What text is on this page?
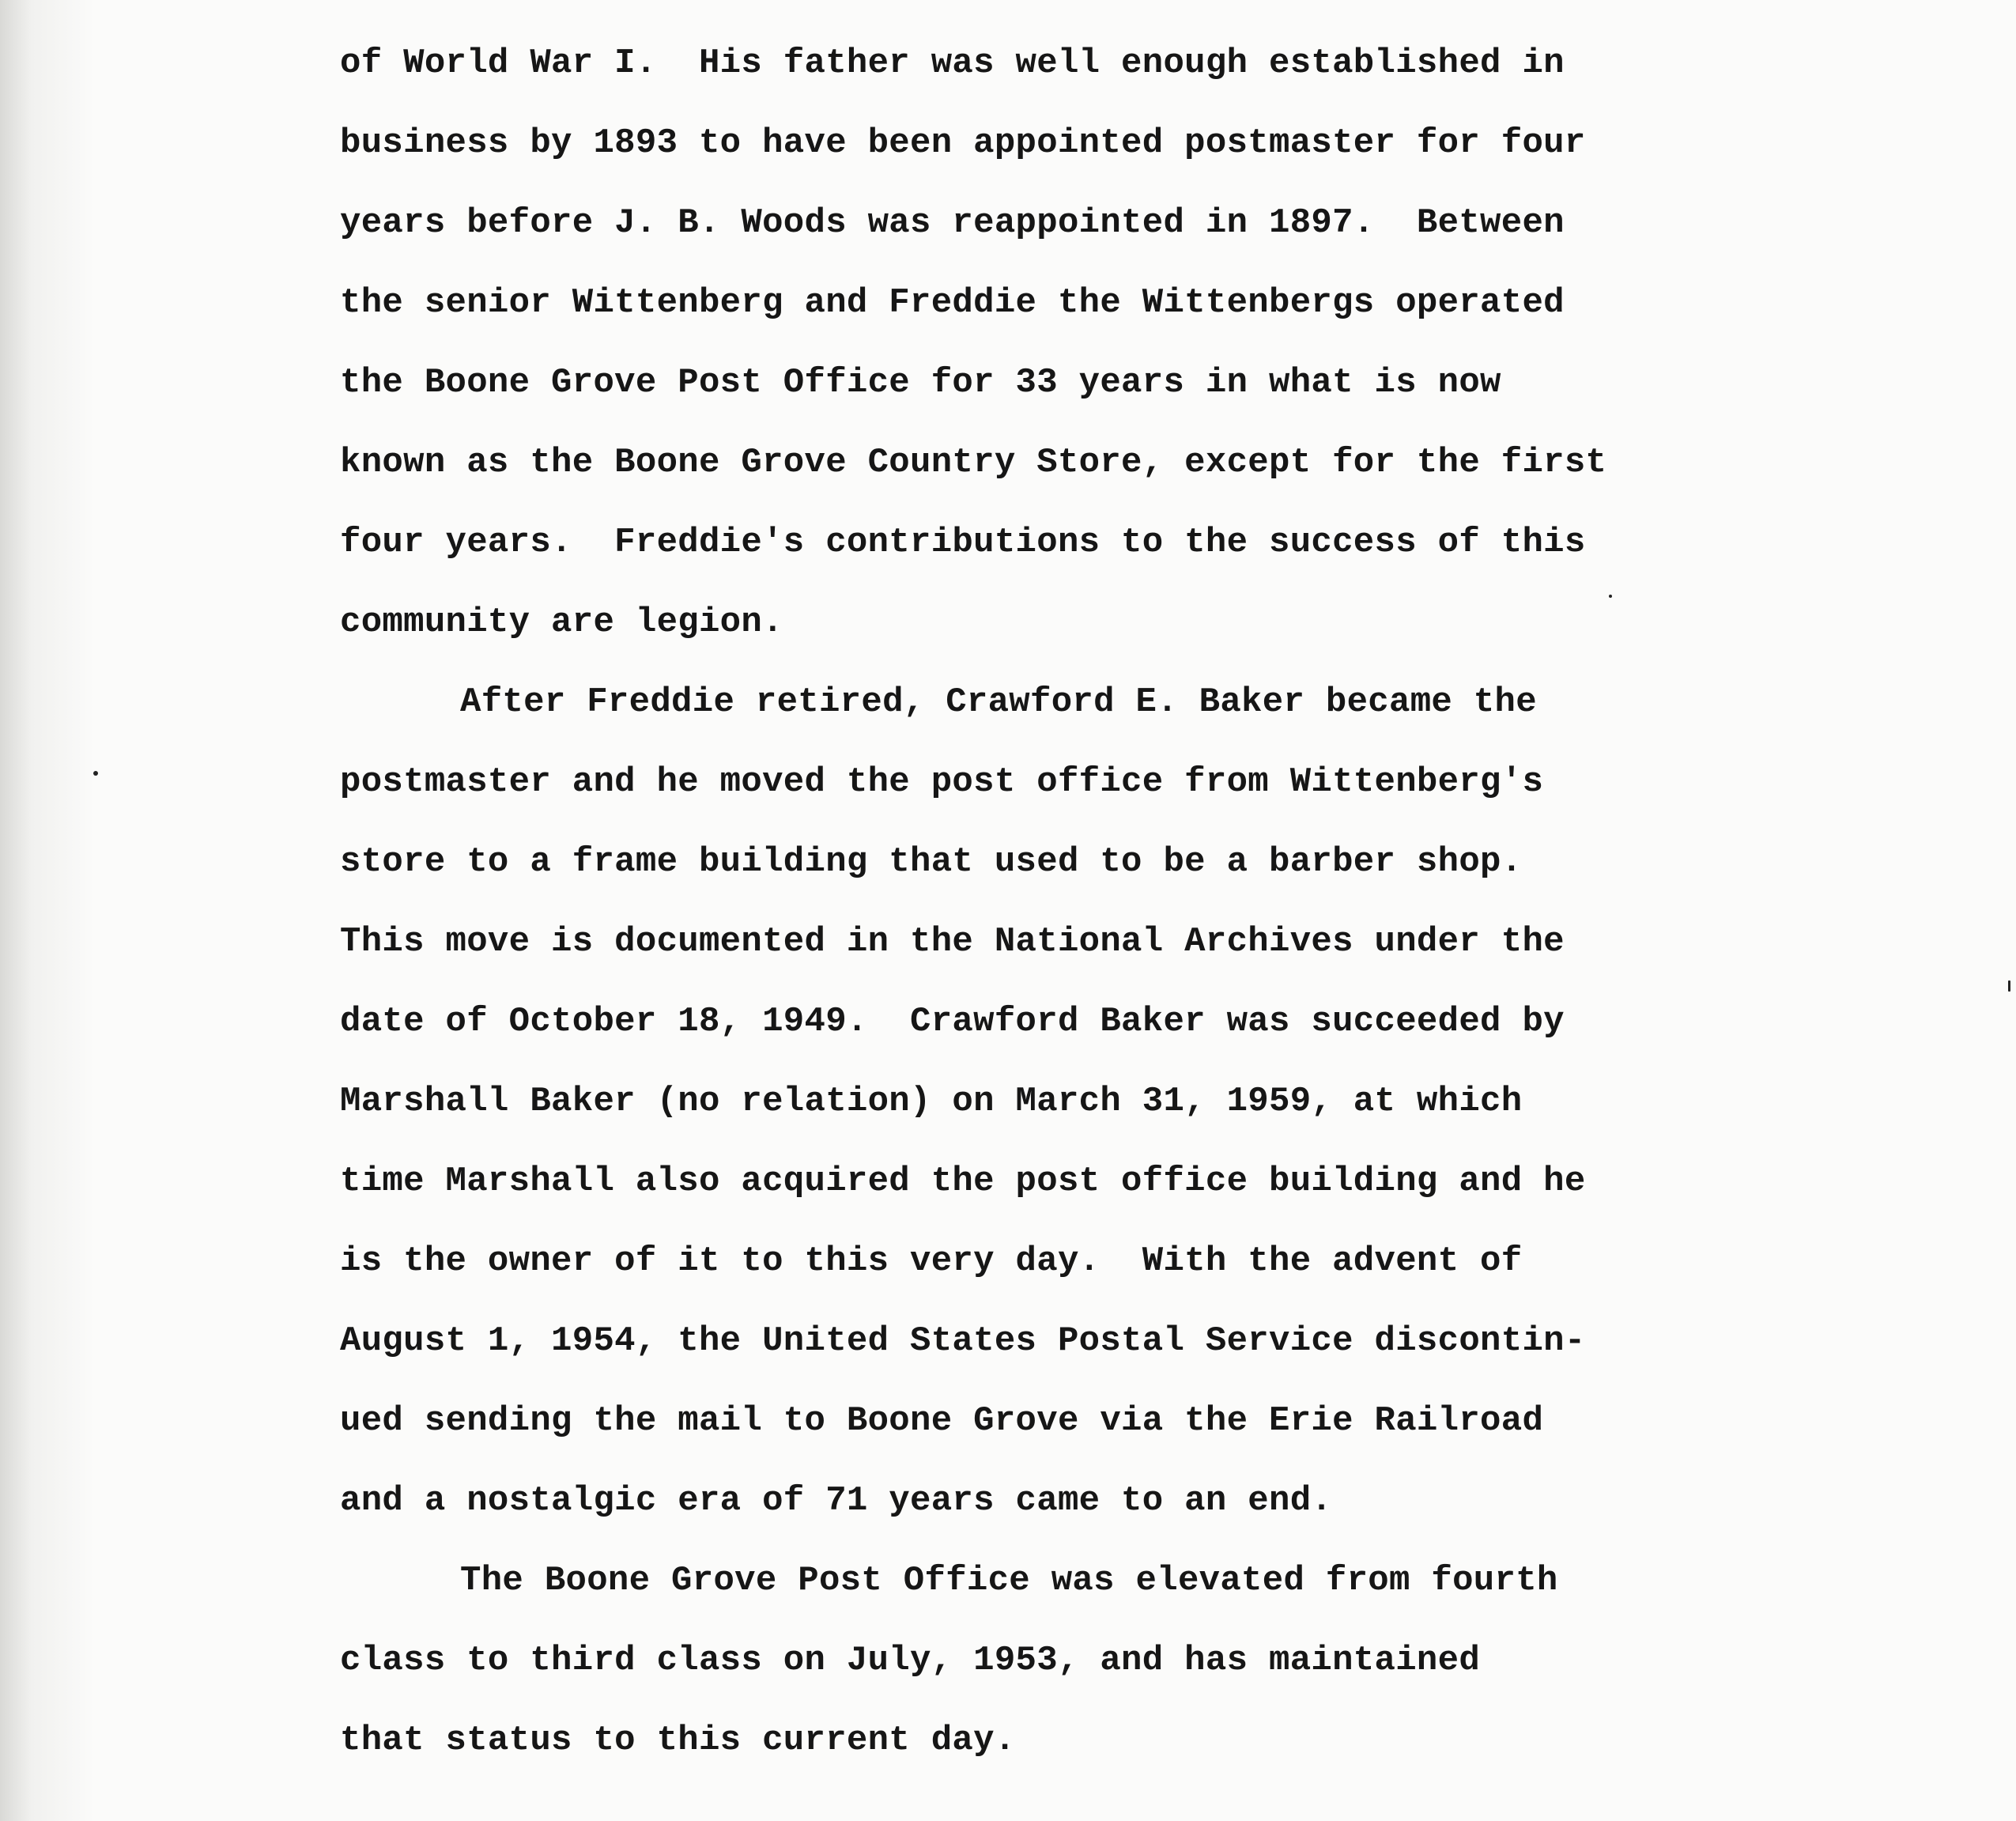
of World War I.  His father was well enough established in
business by 1893 to have been appointed postmaster for four
years before J. B. Woods was reappointed in 1897.  Between
the senior Wittenberg and Freddie the Wittenbergs operated
the Boone Grove Post Office for 33 years in what is now
known as the Boone Grove Country Store, except for the first
four years.  Freddie's contributions to the success of this
community are legion.

After Freddie retired, Crawford E. Baker became the
postmaster and he moved the post office from Wittenberg's
store to a frame building that used to be a barber shop.
This move is documented in the National Archives under the
date of October 18, 1949.  Crawford Baker was succeeded by
Marshall Baker (no relation) on March 31, 1959, at which
time Marshall also acquired the post office building and he
is the owner of it to this very day.  With the advent of
August 1, 1954, the United States Postal Service discontin-
ued sending the mail to Boone Grove via the Erie Railroad
and a nostalgic era of 71 years came to an end.

The Boone Grove Post Office was elevated from fourth
class to third class on July, 1953, and has maintained
that status to this current day.
